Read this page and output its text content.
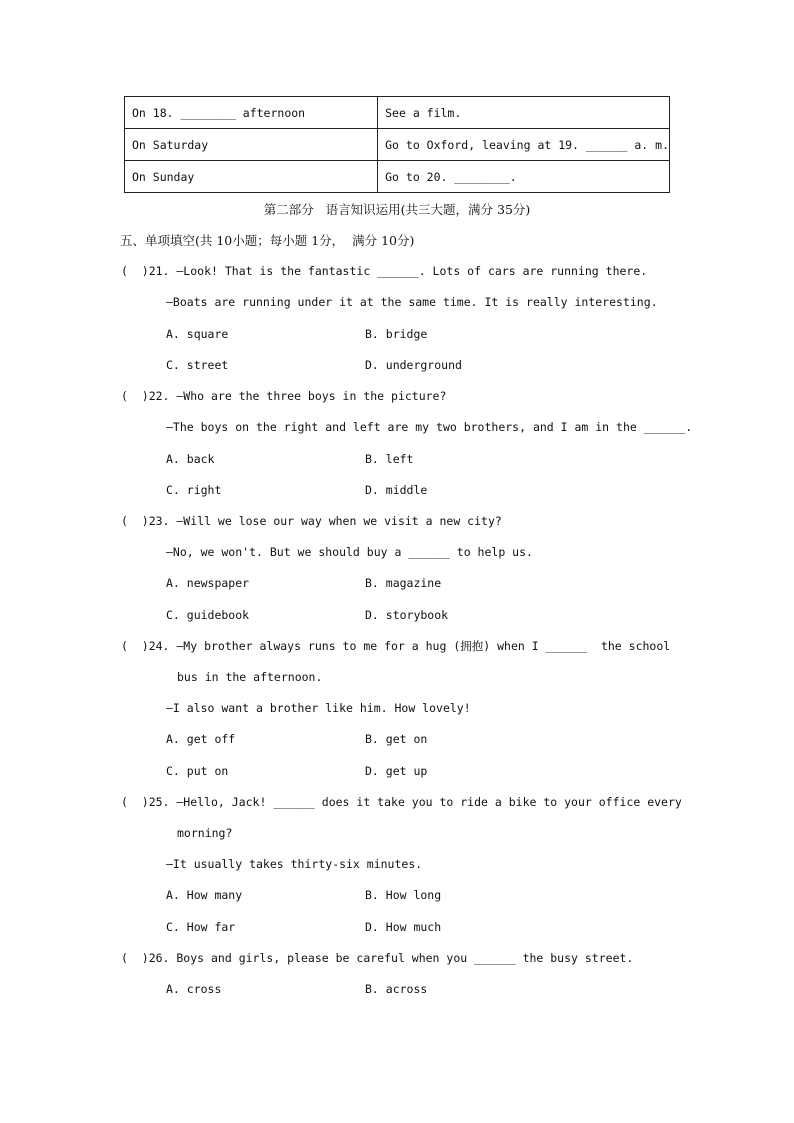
On 18. ________ afternoon	See a film.
On Saturday	Go to Oxford, leaving at 19. ______ a. m.
On Sunday	Go to 20. ________.
第二部分   语言知识运用(共三大题，满分 35分)
五、单项填空(共 10小题；每小题 1分，  满分 10分)
(  )21. —Look! That is the fantastic ______. Lots of cars are running there.
—Boats are running under it at the same time. It is really interesting.
A. square	B. bridge
C. street	D. underground
(  )22. —Who are the three boys in the picture?
—The boys on the right and left are my two brothers, and I am in the ______.
A. back	B. left
C. right	D. middle
(  )23. —Will we lose our way when we visit a new city?
—No, we won't. But we should buy a ______ to help us.
A. newspaper	B. magazine
C. guidebook	D. storybook
(  )24. —My brother always runs to me for a hug (拥抱) when I ______  the school
bus in the afternoon.
—I also want a brother like him. How lovely!
A. get off	B. get on
C. put on	D. get up
(  )25. —Hello, Jack! ______ does it take you to ride a bike to your office every
morning?
—It usually takes thirty-six minutes.
A. How many	B. How long
C. How far	D. How much
(  )26. Boys and girls, please be careful when you ______ the busy street.
A. cross	B. across
